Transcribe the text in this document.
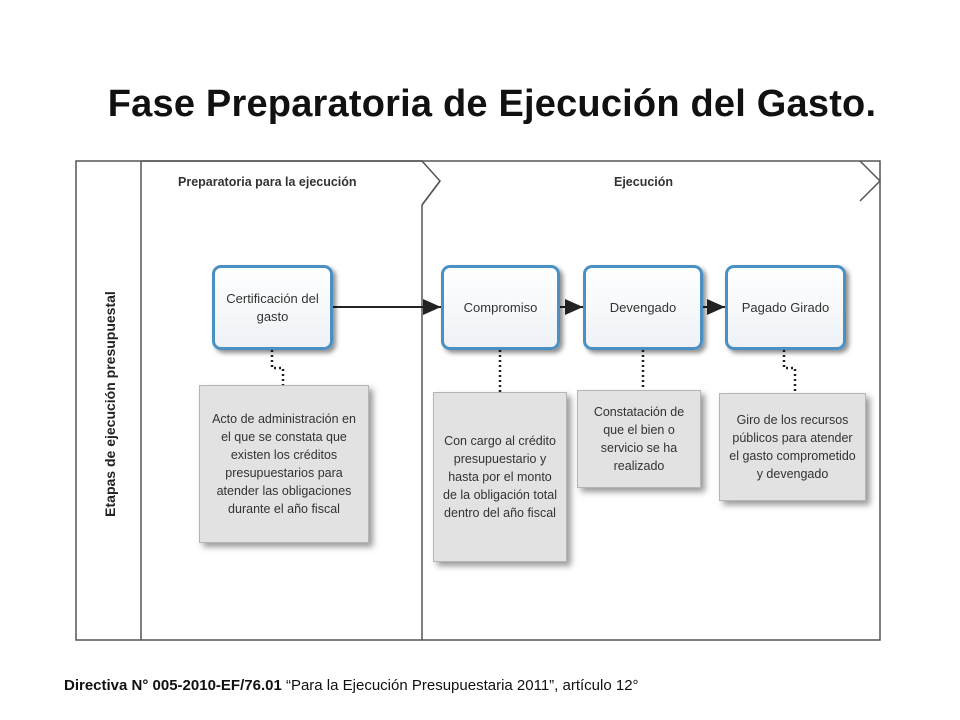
Fase Preparatoria de Ejecución del Gasto.
Preparatoria para la ejecución	Ejecución
Etapas de ejecución presupuestal	Certificación del gasto
Compromiso	Devengado	Pagado Girado
Acto de administración en el que se constata que existen los créditos presupuestarios para atender las obligaciones durante el año fiscal
Con cargo al crédito presupuestario y hasta por el monto de la obligación total dentro del año fiscal
Constatación de que el bien o servicio se ha realizado
Giro de los recursos públicos para atender el gasto comprometido y devengado
Directiva N° 005-2010-EF/76.01 “Para la Ejecución Presupuestaria 2011”, artículo 12°
